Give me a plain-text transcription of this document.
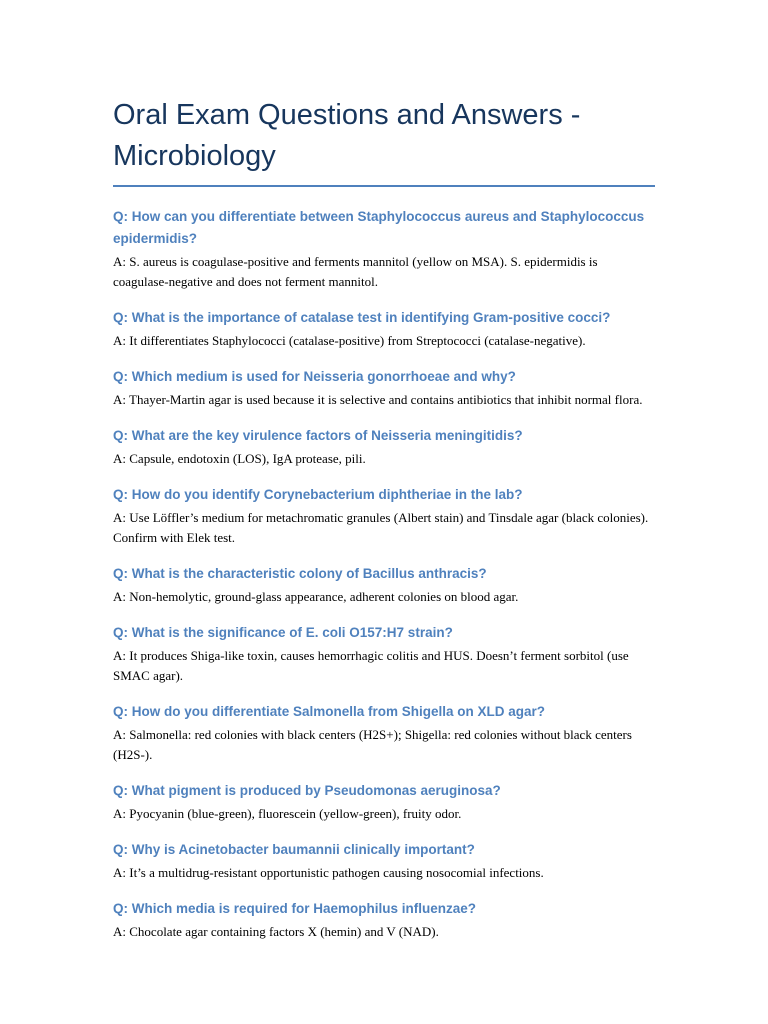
Oral Exam Questions and Answers - Microbiology
Q: How can you differentiate between Staphylococcus aureus and Staphylococcus epidermidis?
A: S. aureus is coagulase-positive and ferments mannitol (yellow on MSA). S. epidermidis is coagulase-negative and does not ferment mannitol.
Q: What is the importance of catalase test in identifying Gram-positive cocci?
A: It differentiates Staphylococci (catalase-positive) from Streptococci (catalase-negative).
Q: Which medium is used for Neisseria gonorrhoeae and why?
A: Thayer-Martin agar is used because it is selective and contains antibiotics that inhibit normal flora.
Q: What are the key virulence factors of Neisseria meningitidis?
A: Capsule, endotoxin (LOS), IgA protease, pili.
Q: How do you identify Corynebacterium diphtheriae in the lab?
A: Use Löffler’s medium for metachromatic granules (Albert stain) and Tinsdale agar (black colonies). Confirm with Elek test.
Q: What is the characteristic colony of Bacillus anthracis?
A: Non-hemolytic, ground-glass appearance, adherent colonies on blood agar.
Q: What is the significance of E. coli O157:H7 strain?
A: It produces Shiga-like toxin, causes hemorrhagic colitis and HUS. Doesn’t ferment sorbitol (use SMAC agar).
Q: How do you differentiate Salmonella from Shigella on XLD agar?
A: Salmonella: red colonies with black centers (H2S+); Shigella: red colonies without black centers (H2S-).
Q: What pigment is produced by Pseudomonas aeruginosa?
A: Pyocyanin (blue-green), fluorescein (yellow-green), fruity odor.
Q: Why is Acinetobacter baumannii clinically important?
A: It’s a multidrug-resistant opportunistic pathogen causing nosocomial infections.
Q: Which media is required for Haemophilus influenzae?
A: Chocolate agar containing factors X (hemin) and V (NAD).
